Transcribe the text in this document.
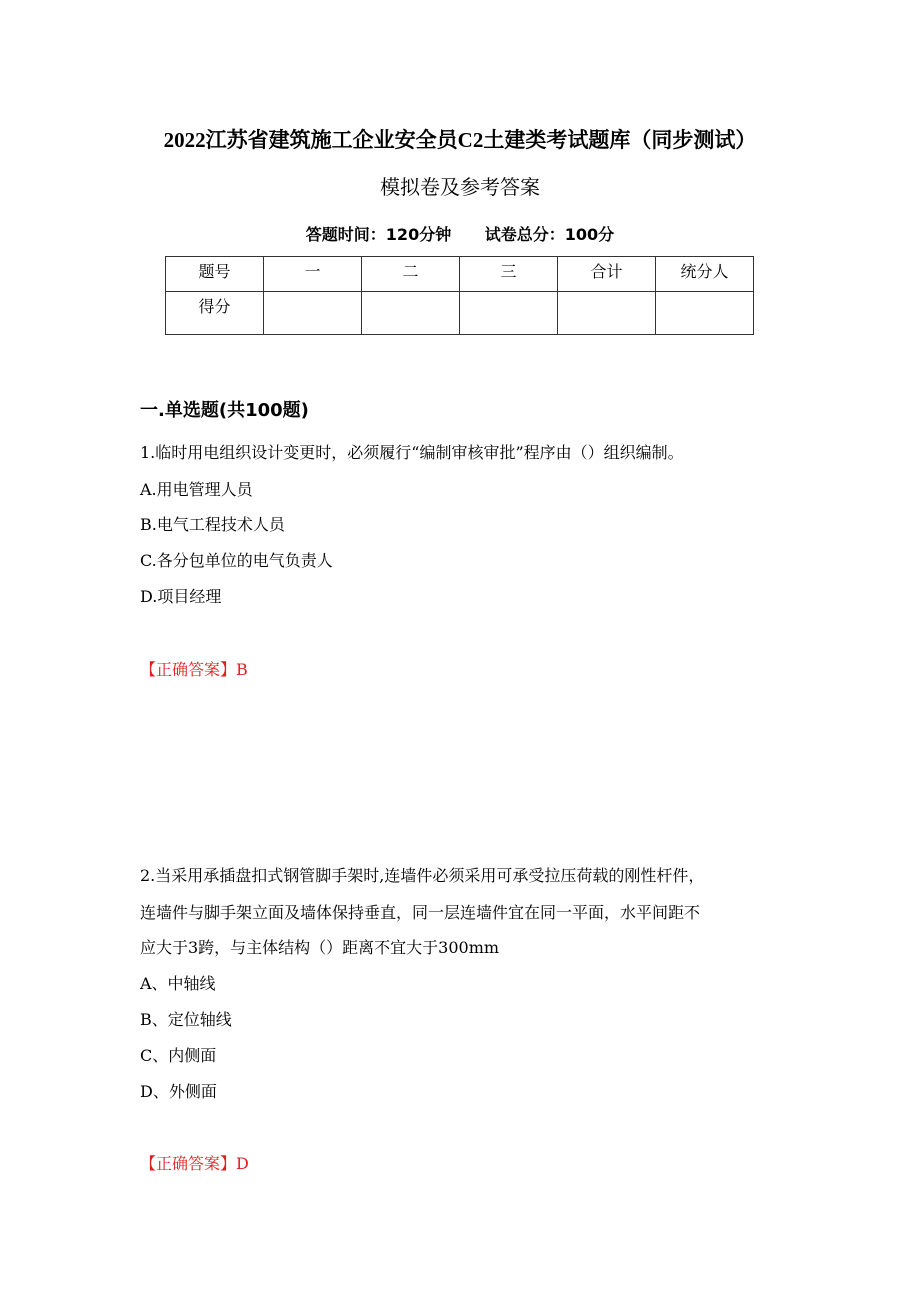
2022江苏省建筑施工企业安全员C2土建类考试题库（同步测试）
模拟卷及参考答案
答题时间：120分钟 试卷总分：100分
题号	一	二	三	合计	统分人
得分					
一.单选题(共100题)
1.临时用电组织设计变更时，必须履行“编制审核审批”程序由（）组织编制。
A.用电管理人员
B.电气工程技术人员
C.各分包单位的电气负责人
D.项目经理
【正确答案】B
2.当采用承插盘扣式钢管脚手架时,连墙件必须采用可承受拉压荷载的刚性杆件，
连墙件与脚手架立面及墙体保持垂直，同一层连墙件宜在同一平面，水平间距不
应大于3跨，与主体结构（）距离不宜大于300mm
A、中轴线
B、定位轴线
C、内侧面
D、外侧面
【正确答案】D
